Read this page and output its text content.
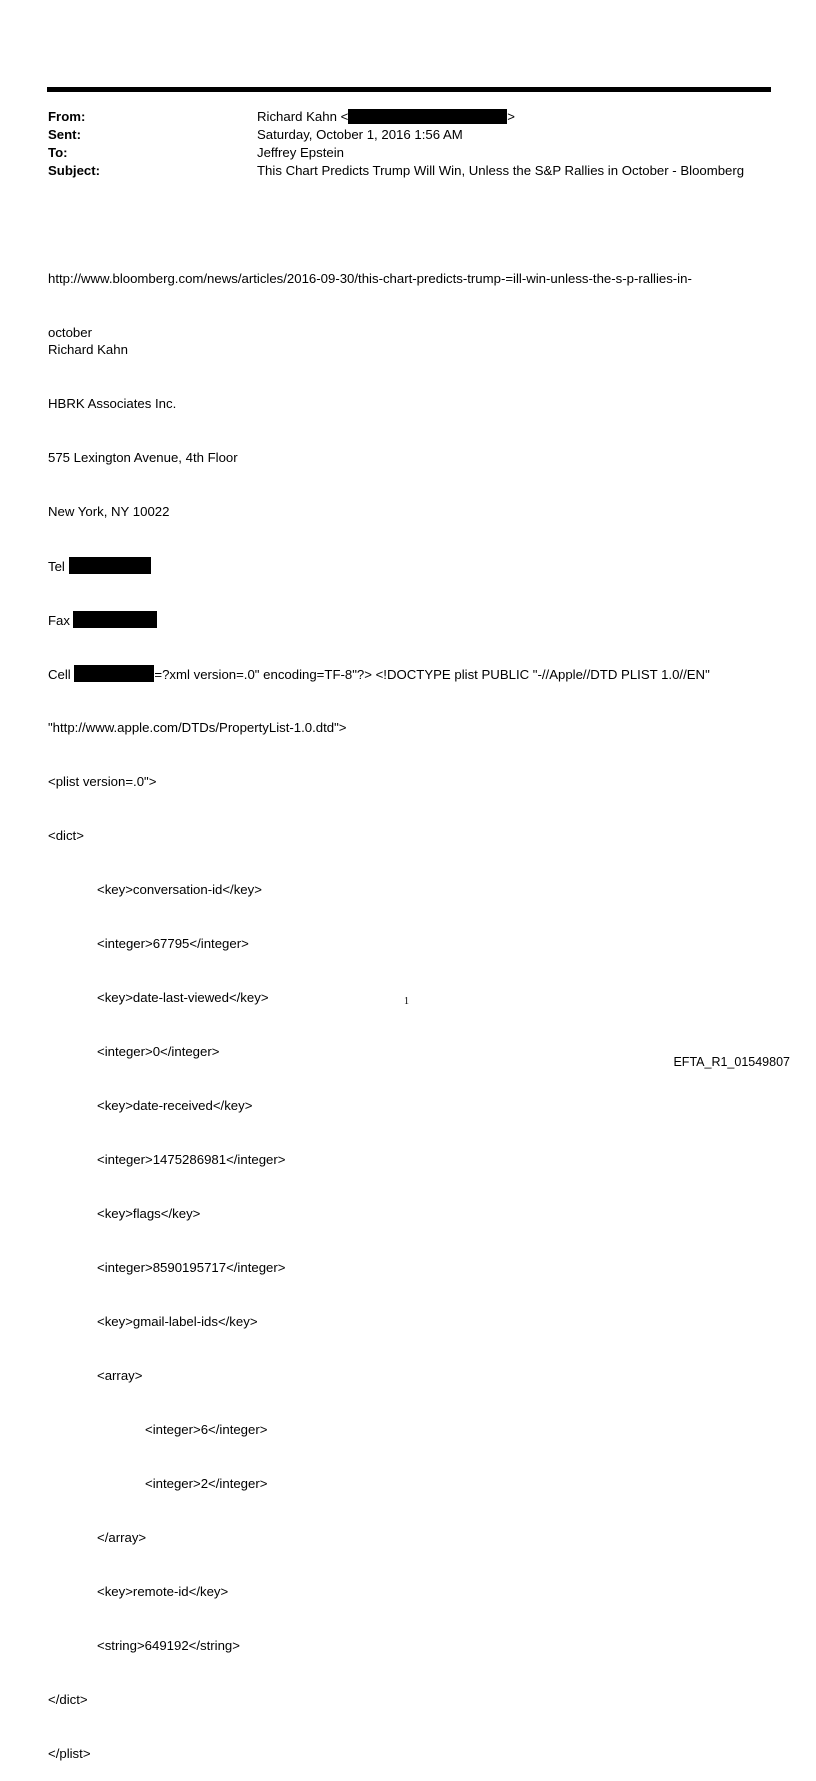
From:	Richard Kahn <	>
Sent:	Saturday, October 1, 2016 1:56 AM
To:	Jeffrey Epstein
Subject:	This Chart Predicts Trump Will Win, Unless the S&P Rallies in October - Bloomberg

http://www.bloomberg.com/news/articles/2016-09-30/this-chart-predicts-trump-=ill-win-unless-the-s-p-rallies-in-

october

Richard Kahn

HBRK Associates Inc.

575 Lexington Avenue, 4th Floor

New York, NY 10022

Tel

Fax

Cell	=?xml version=.0" encoding=TF-8"?> <!DOCTYPE plist PUBLIC "-//Apple//DTD PLIST 1.0//EN"

"http://www.apple.com/DTDs/PropertyList-1.0.dtd">

<plist version=.0">

<dict>

<key>conversation-id</key>

<integer>67795</integer>

<key>date-last-viewed</key>

<integer>0</integer>

<key>date-received</key>

<integer>1475286981</integer>

<key>flags</key>

<integer>8590195717</integer>

<key>gmail-label-ids</key>

<array>

<integer>6</integer>

<integer>2</integer>

</array>

<key>remote-id</key>

<string>649192</string>

</dict>

</plist>

1
EFTA_R1_01549807
